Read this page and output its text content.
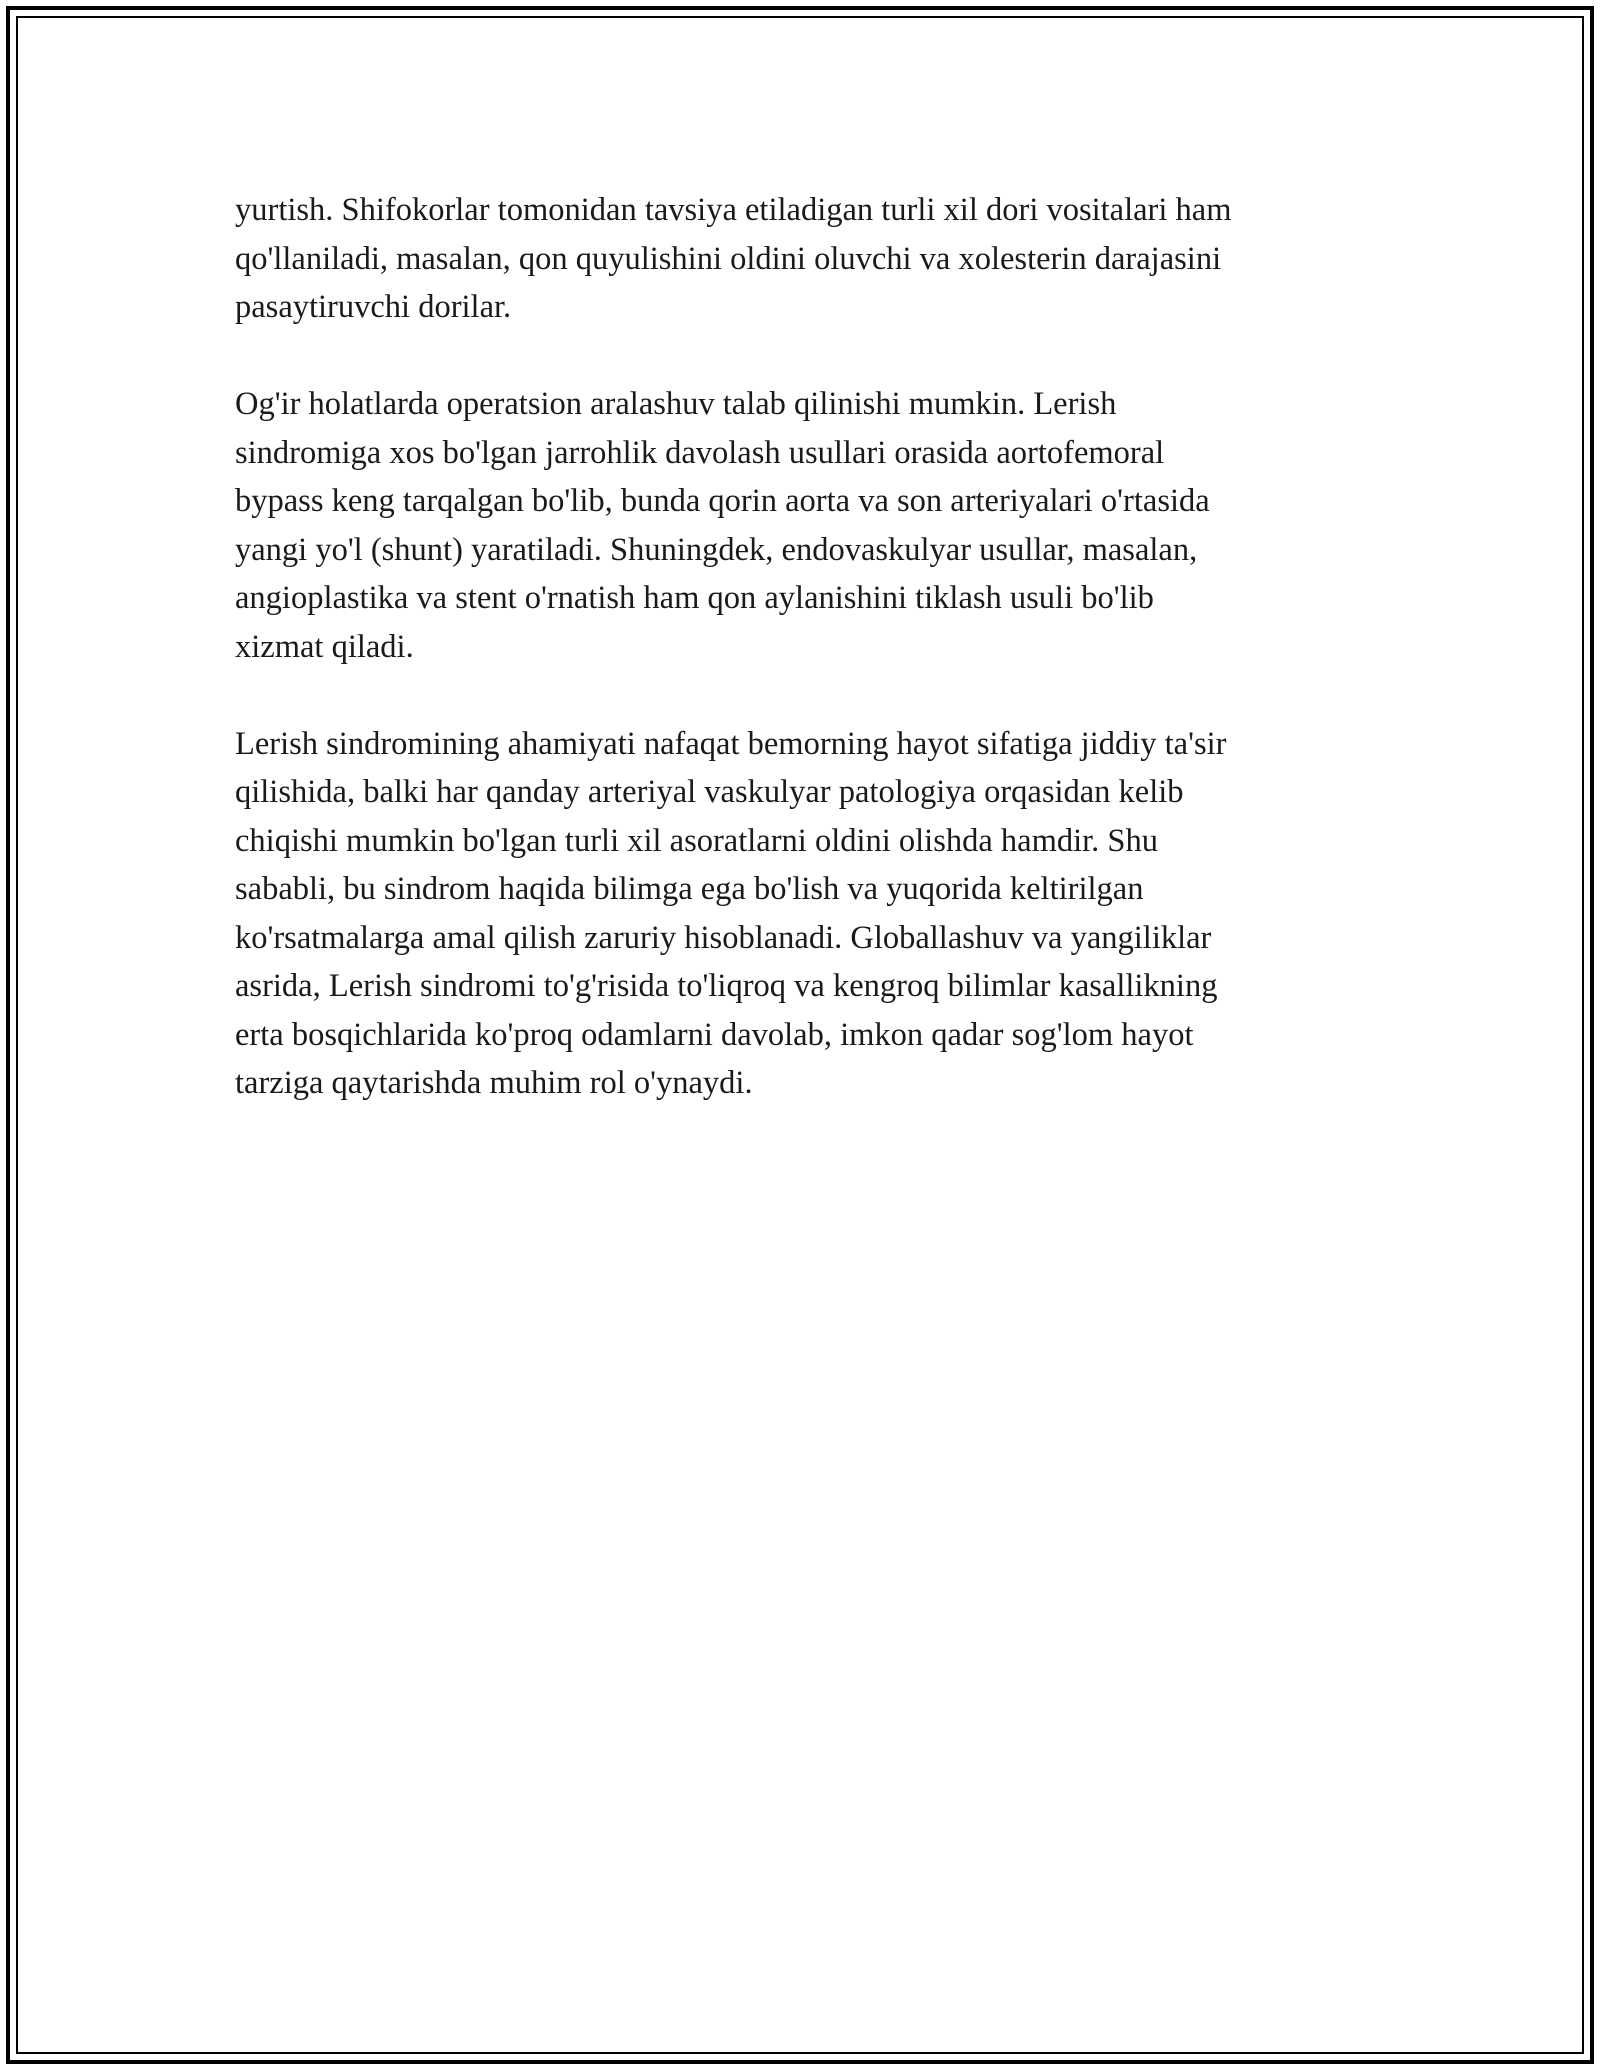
yurtish. Shifokorlar tomonidan tavsiya etiladigan turli xil dori vositalari ham
qo'llaniladi, masalan, qon quyulishini oldini oluvchi va xolesterin darajasini
pasaytiruvchi dorilar.

Og'ir holatlarda operatsion aralashuv talab qilinishi mumkin. Lerish
sindromiga xos bo'lgan jarrohlik davolash usullari orasida aortofemoral
bypass keng tarqalgan bo'lib, bunda qorin aorta va son arteriyalari o'rtasida
yangi yo'l (shunt) yaratiladi. Shuningdek, endovaskulyar usullar, masalan,
angioplastika va stent o'rnatish ham qon aylanishini tiklash usuli bo'lib
xizmat qiladi.

Lerish sindromining ahamiyati nafaqat bemorning hayot sifatiga jiddiy ta'sir
qilishida, balki har qanday arteriyal vaskulyar patologiya orqasidan kelib
chiqishi mumkin bo'lgan turli xil asoratlarni oldini olishda hamdir. Shu
sababli, bu sindrom haqida bilimga ega bo'lish va yuqorida keltirilgan
ko'rsatmalarga amal qilish zaruriy hisoblanadi. Globallashuv va yangiliklar
asrida, Lerish sindromi to'g'risida to'liqroq va kengroq bilimlar kasallikning
erta bosqichlarida ko'proq odamlarni davolab, imkon qadar sog'lom hayot
tarziga qaytarishda muhim rol o'ynaydi.
